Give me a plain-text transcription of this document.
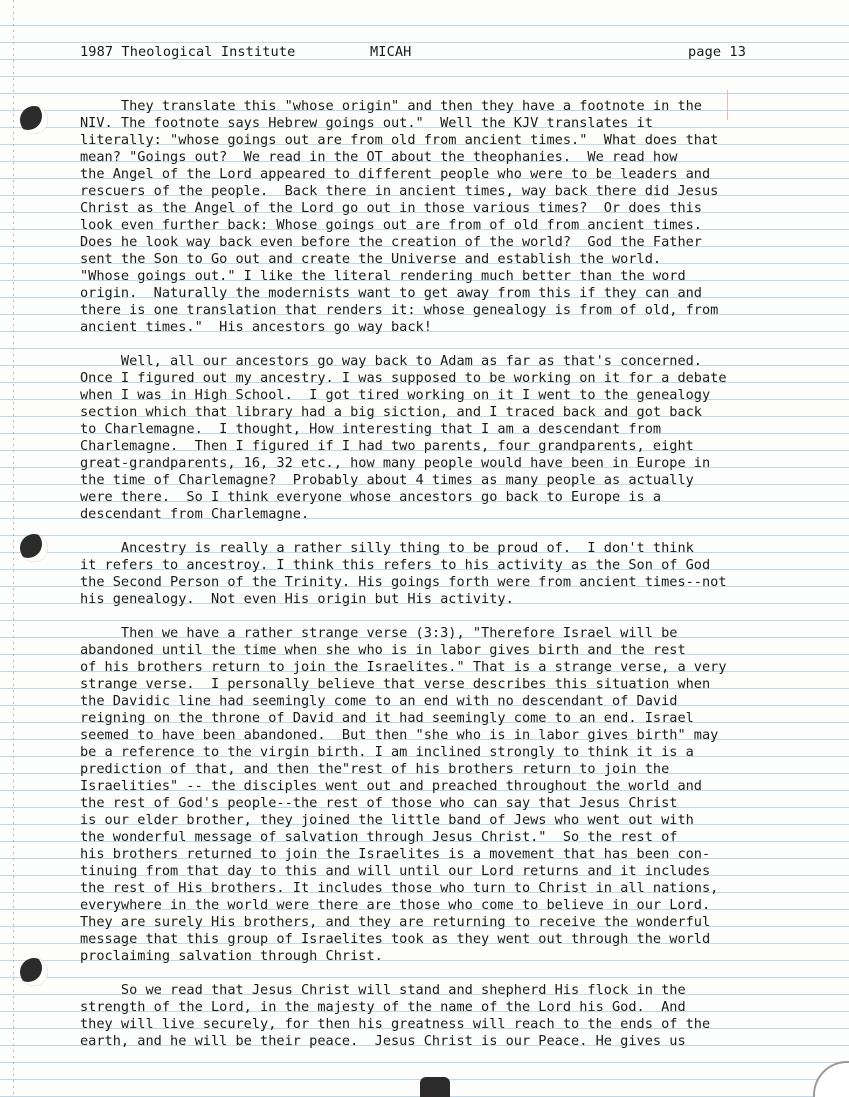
1987 Theological Institute	MICAH	page 13
They translate this "whose origin" and then they have a footnote in the
NIV. The footnote says Hebrew goings out."  Well the KJV translates it
literally: "whose goings out are from old from ancient times."  What does that
mean? "Goings out?  We read in the OT about the theophanies.  We read how
the Angel of the Lord appeared to different people who were to be leaders and
rescuers of the people.  Back there in ancient times, way back there did Jesus
Christ as the Angel of the Lord go out in those various times?  Or does this
look even further back: Whose goings out are from of old from ancient times.
Does he look way back even before the creation of the world?  God the Father
sent the Son to Go out and create the Universe and establish the world.
"Whose goings out." I like the literal rendering much better than the word
origin.  Naturally the modernists want to get away from this if they can and
there is one translation that renders it: whose genealogy is from of old, from
ancient times."  His ancestors go way back!
Well, all our ancestors go way back to Adam as far as that's concerned.
Once I figured out my ancestry. I was supposed to be working on it for a debate
when I was in High School.  I got tired working on it I went to the genealogy
section which that library had a big siction, and I traced back and got back
to Charlemagne.  I thought, How interesting that I am a descendant from
Charlemagne.  Then I figured if I had two parents, four grandparents, eight
great-grandparents, 16, 32 etc., how many people would have been in Europe in
the time of Charlemagne?  Probably about 4 times as many people as actually
were there.  So I think everyone whose ancestors go back to Europe is a
descendant from Charlemagne.
Ancestry is really a rather silly thing to be proud of.  I don't think
it refers to ancestroy. I think this refers to his activity as the Son of God
the Second Person of the Trinity. His goings forth were from ancient times--not
his genealogy.  Not even His origin but His activity.
Then we have a rather strange verse (3:3), "Therefore Israel will be
abandoned until the time when she who is in labor gives birth and the rest
of his brothers return to join the Israelites." That is a strange verse, a very
strange verse.  I personally believe that verse describes this situation when
the Davidic line had seemingly come to an end with no descendant of David
reigning on the throne of David and it had seemingly come to an end. Israel
seemed to have been abandoned.  But then "she who is in labor gives birth" may
be a reference to the virgin birth. I am inclined strongly to think it is a
prediction of that, and then the"rest of his brothers return to join the
Israelities" -- the disciples went out and preached throughout the world and
the rest of God's people--the rest of those who can say that Jesus Christ
is our elder brother, they joined the little band of Jews who went out with
the wonderful message of salvation through Jesus Christ."  So the rest of
his brothers returned to join the Israelites is a movement that has been con-
tinuing from that day to this and will until our Lord returns and it includes
the rest of His brothers. It includes those who turn to Christ in all nations,
everywhere in the world were there are those who come to believe in our Lord.
They are surely His brothers, and they are returning to receive the wonderful
message that this group of Israelites took as they went out through the world
proclaiming salvation through Christ.
So we read that Jesus Christ will stand and shepherd His flock in the
strength of the Lord, in the majesty of the name of the Lord his God.  And
they will live securely, for then his greatness will reach to the ends of the
earth, and he will be their peace.  Jesus Christ is our Peace. He gives us
